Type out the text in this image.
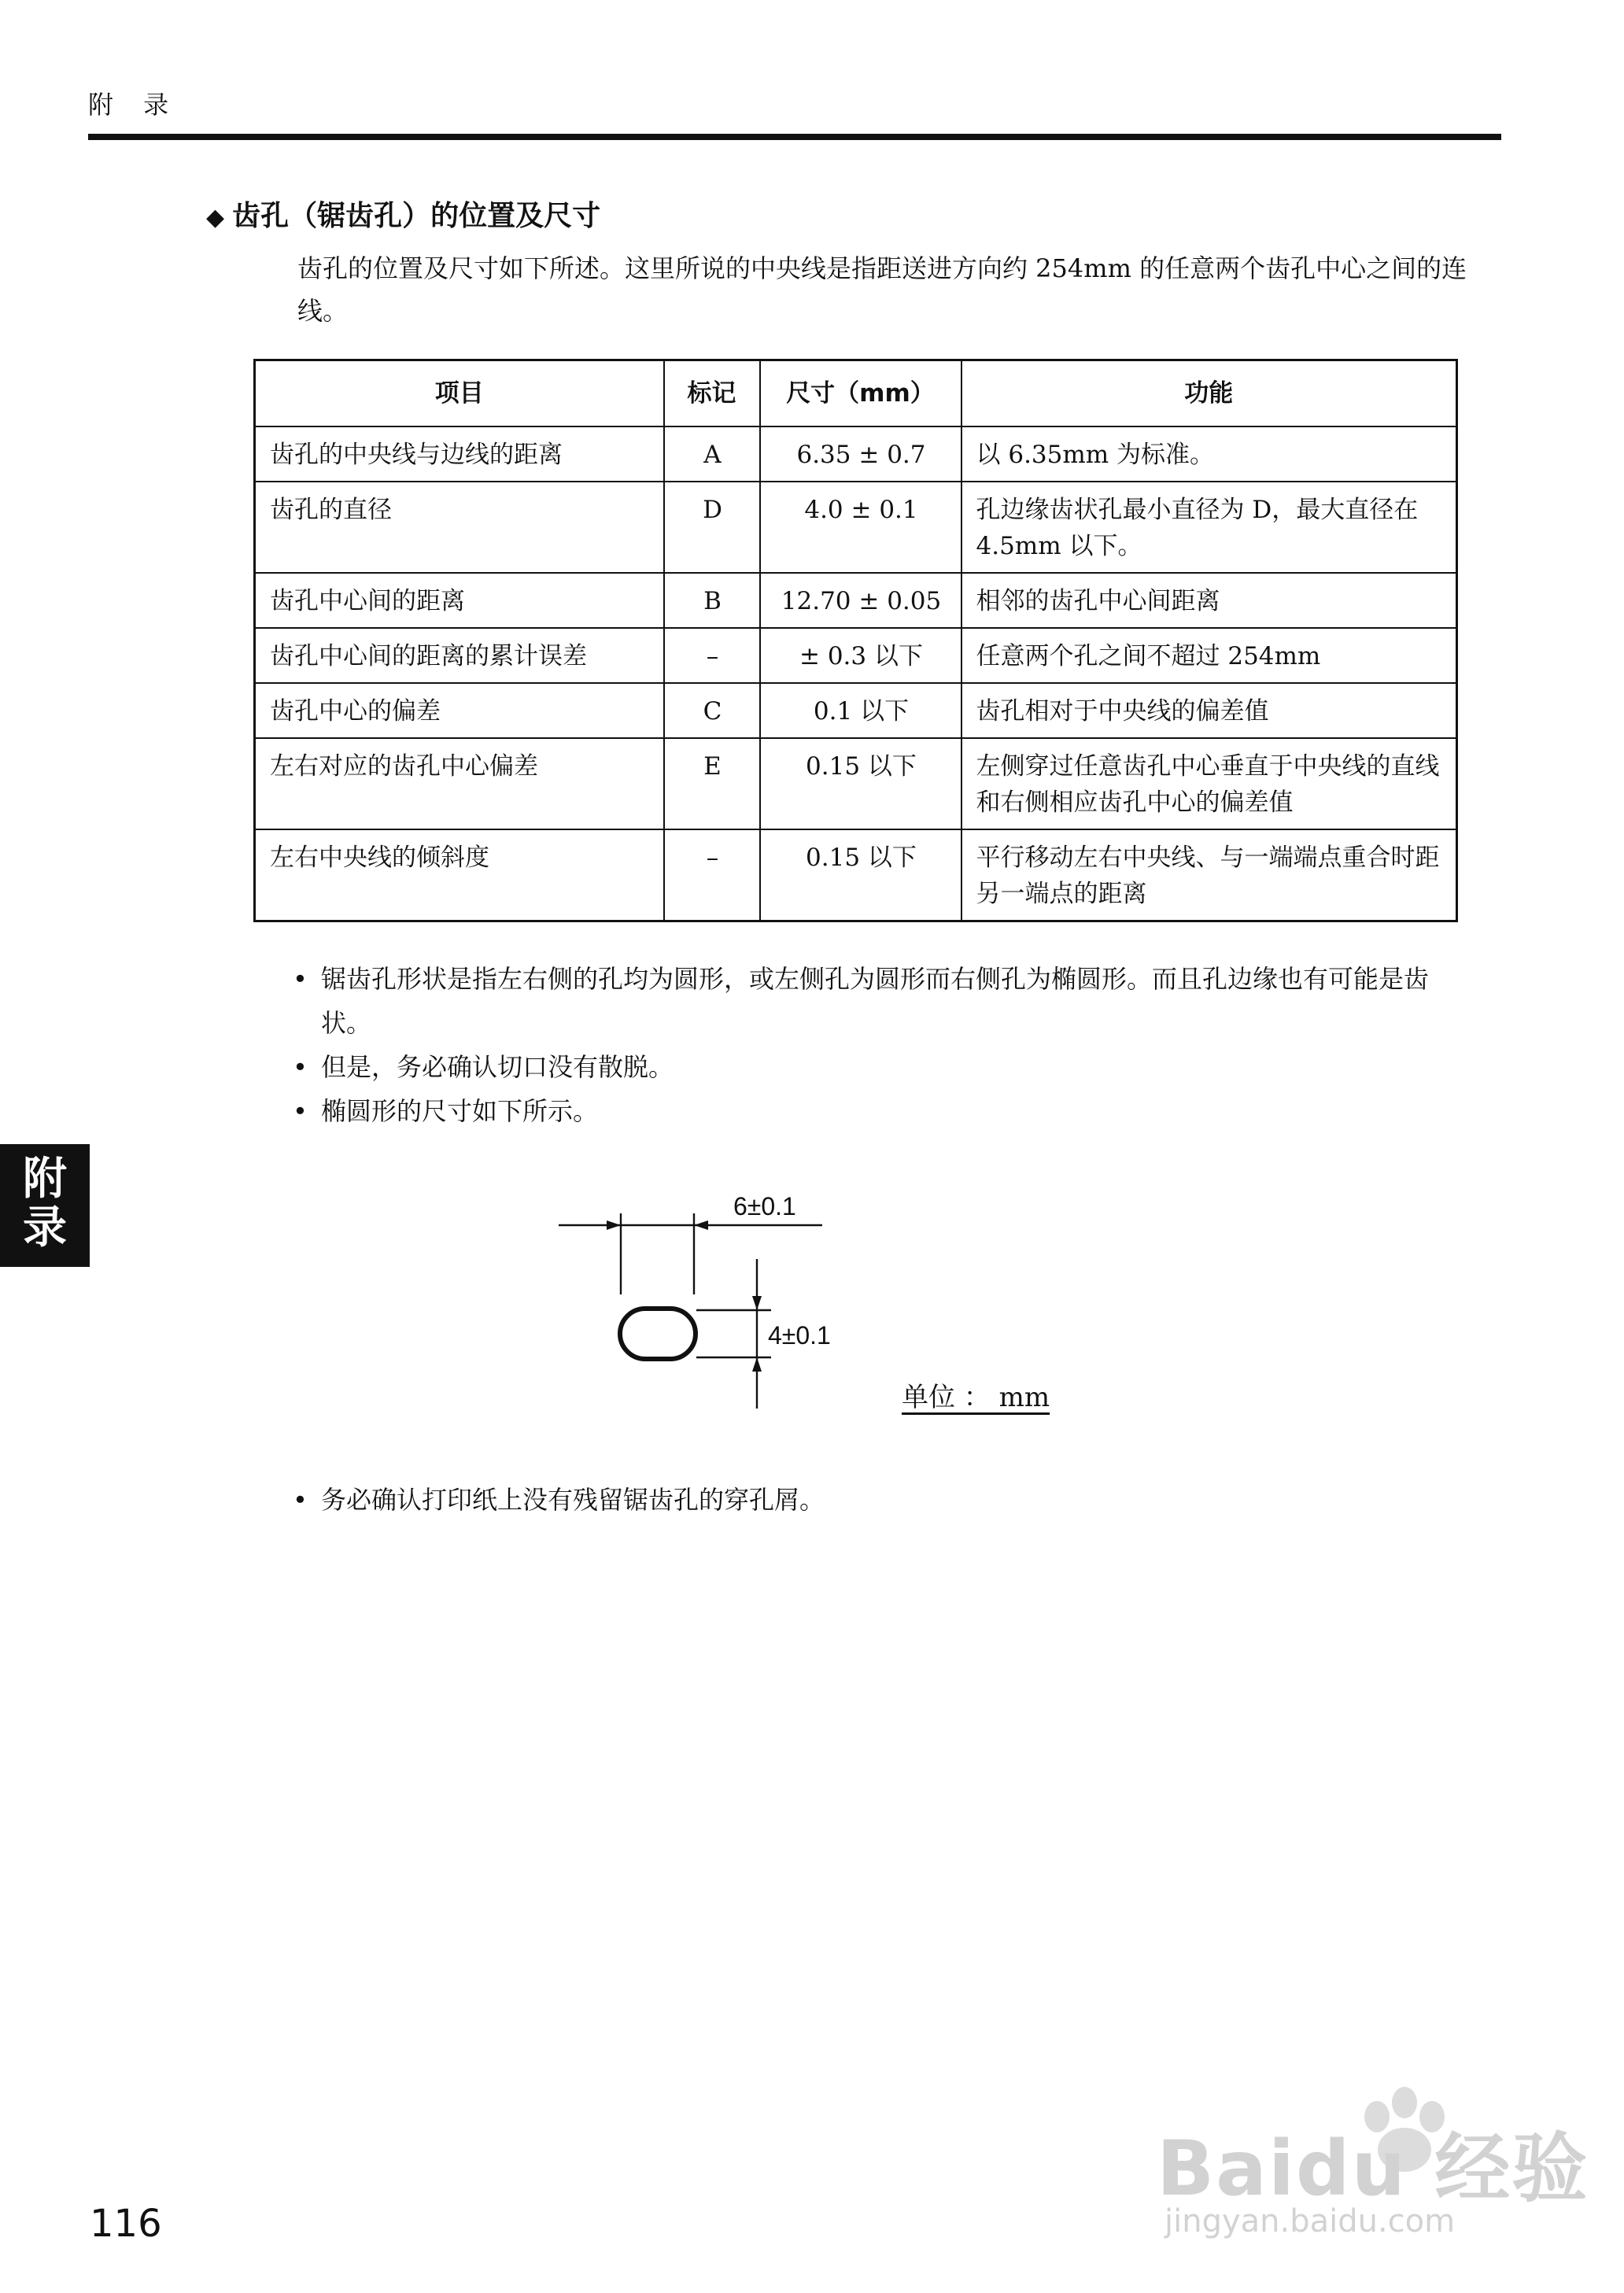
附 录
◆ 齿孔（锯齿孔）的位置及尺寸
齿孔的位置及尺寸如下所述。这里所说的中央线是指距送进方向约 254mm 的任意两个齿孔中心之间的连线。
项目	标记	尺寸（mm）	功能
齿孔的中央线与边线的距离	A	6.35 ± 0.7	以 6.35mm 为标准。
齿孔的直径	D	4.0 ± 0.1	孔边缘齿状孔最小直径为 D，最大直径在 4.5mm 以下。
齿孔中心间的距离	B	12.70 ± 0.05	相邻的齿孔中心间距离
齿孔中心间的距离的累计误差	–	± 0.3 以下	任意两个孔之间不超过 254mm
齿孔中心的偏差	C	0.1 以下	齿孔相对于中央线的偏差值
左右对应的齿孔中心偏差	E	0.15 以下	左侧穿过任意齿孔中心垂直于中央线的直线和右侧相应齿孔中心的偏差值
左右中央线的倾斜度	–	0.15 以下	平行移动左右中央线、与一端端点重合时距另一端点的距离
• 锯齿孔形状是指左右侧的孔均为圆形，或左侧孔为圆形而右侧孔为椭圆形。而且孔边缘也有可能是齿状。
• 但是，务必确认切口没有散脱。
• 椭圆形的尺寸如下所示。
6±0.1
4±0.1
单位 ： mm
• 务必确认打印纸上没有残留锯齿孔的穿孔屑。
附
录
116
Baidu 经验
jingyan.baidu.com
